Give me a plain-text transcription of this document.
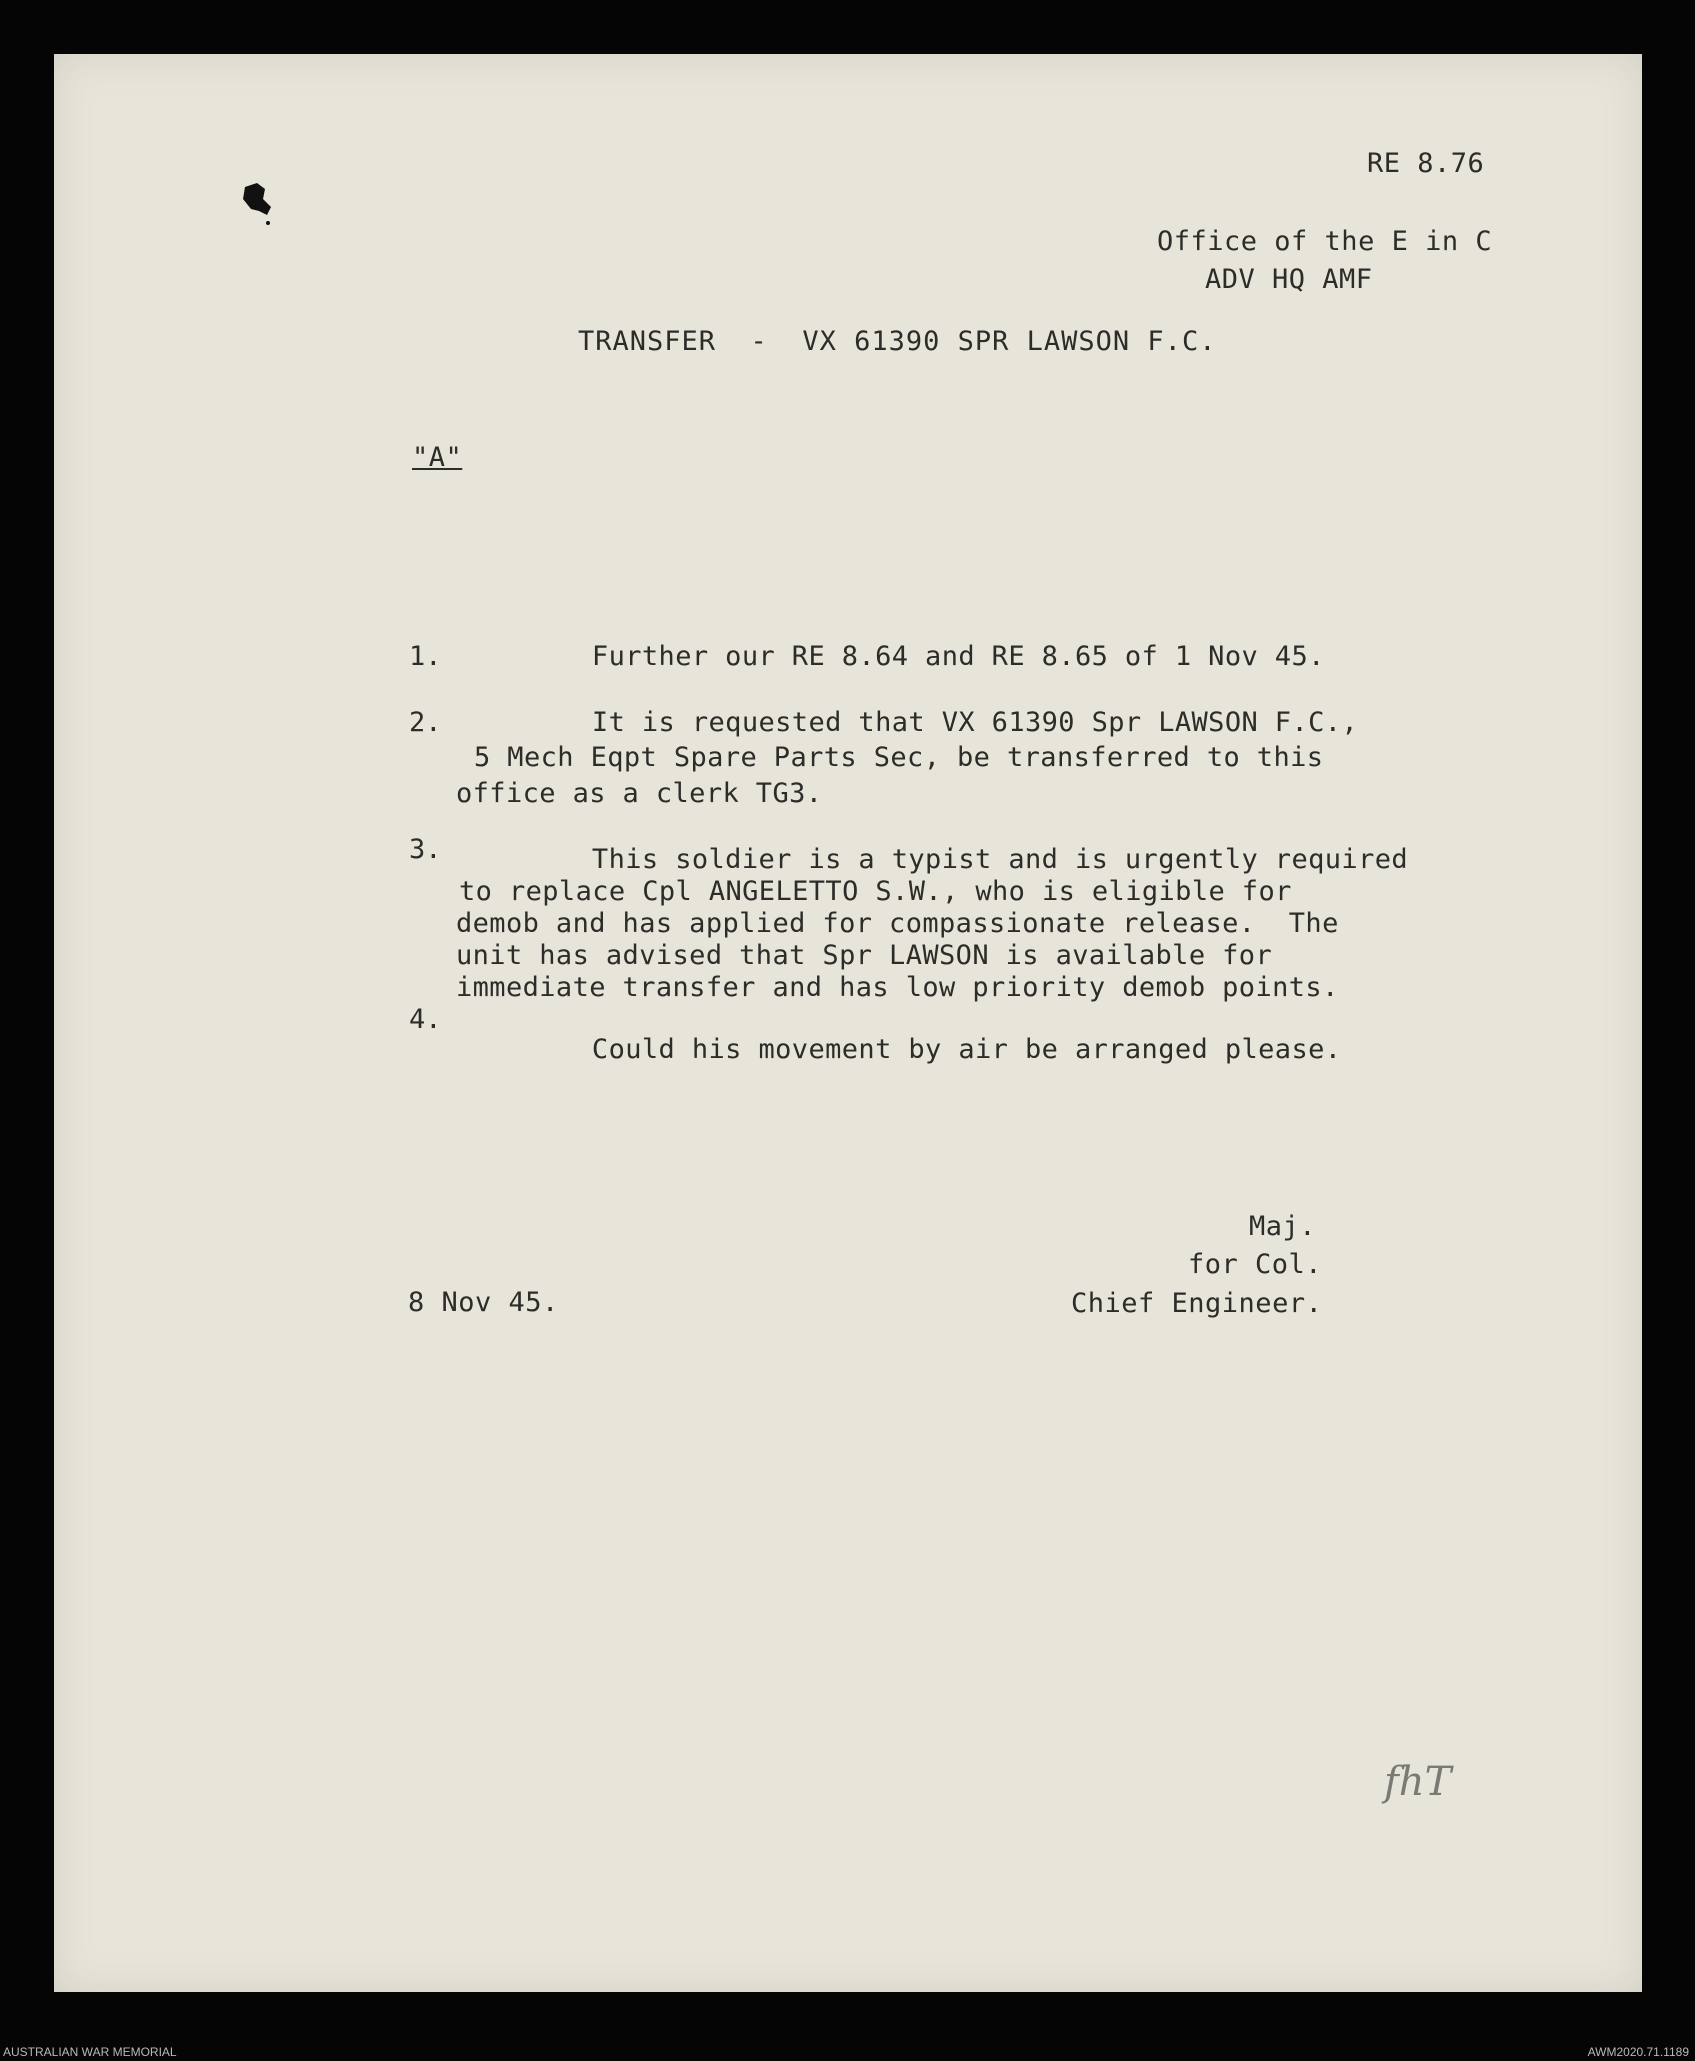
RE 8.76
Office of the E in C
ADV HQ AMF
TRANSFER  -  VX 61390 SPR LAWSON F.C.
"A"
1. Further our RE 8.64 and RE 8.65 of 1 Nov 45.
2. It is requested that VX 61390 Spr LAWSON F.C.,
5 Mech Eqpt Spare Parts Sec, be transferred to this
office as a clerk TG3.
3. This soldier is a typist and is urgently required
to replace Cpl ANGELETTO S.W., who is eligible for
demob and has applied for compassionate release.  The
unit has advised that Spr LAWSON is available for
immediate transfer and has low priority demob points.
4.
Could his movement by air be arranged please.
8 Nov 45.
Maj.
for Col.
Chief Engineer.
fhT
AUSTRALIAN WAR MEMORIAL	AWM2020.71.1189
